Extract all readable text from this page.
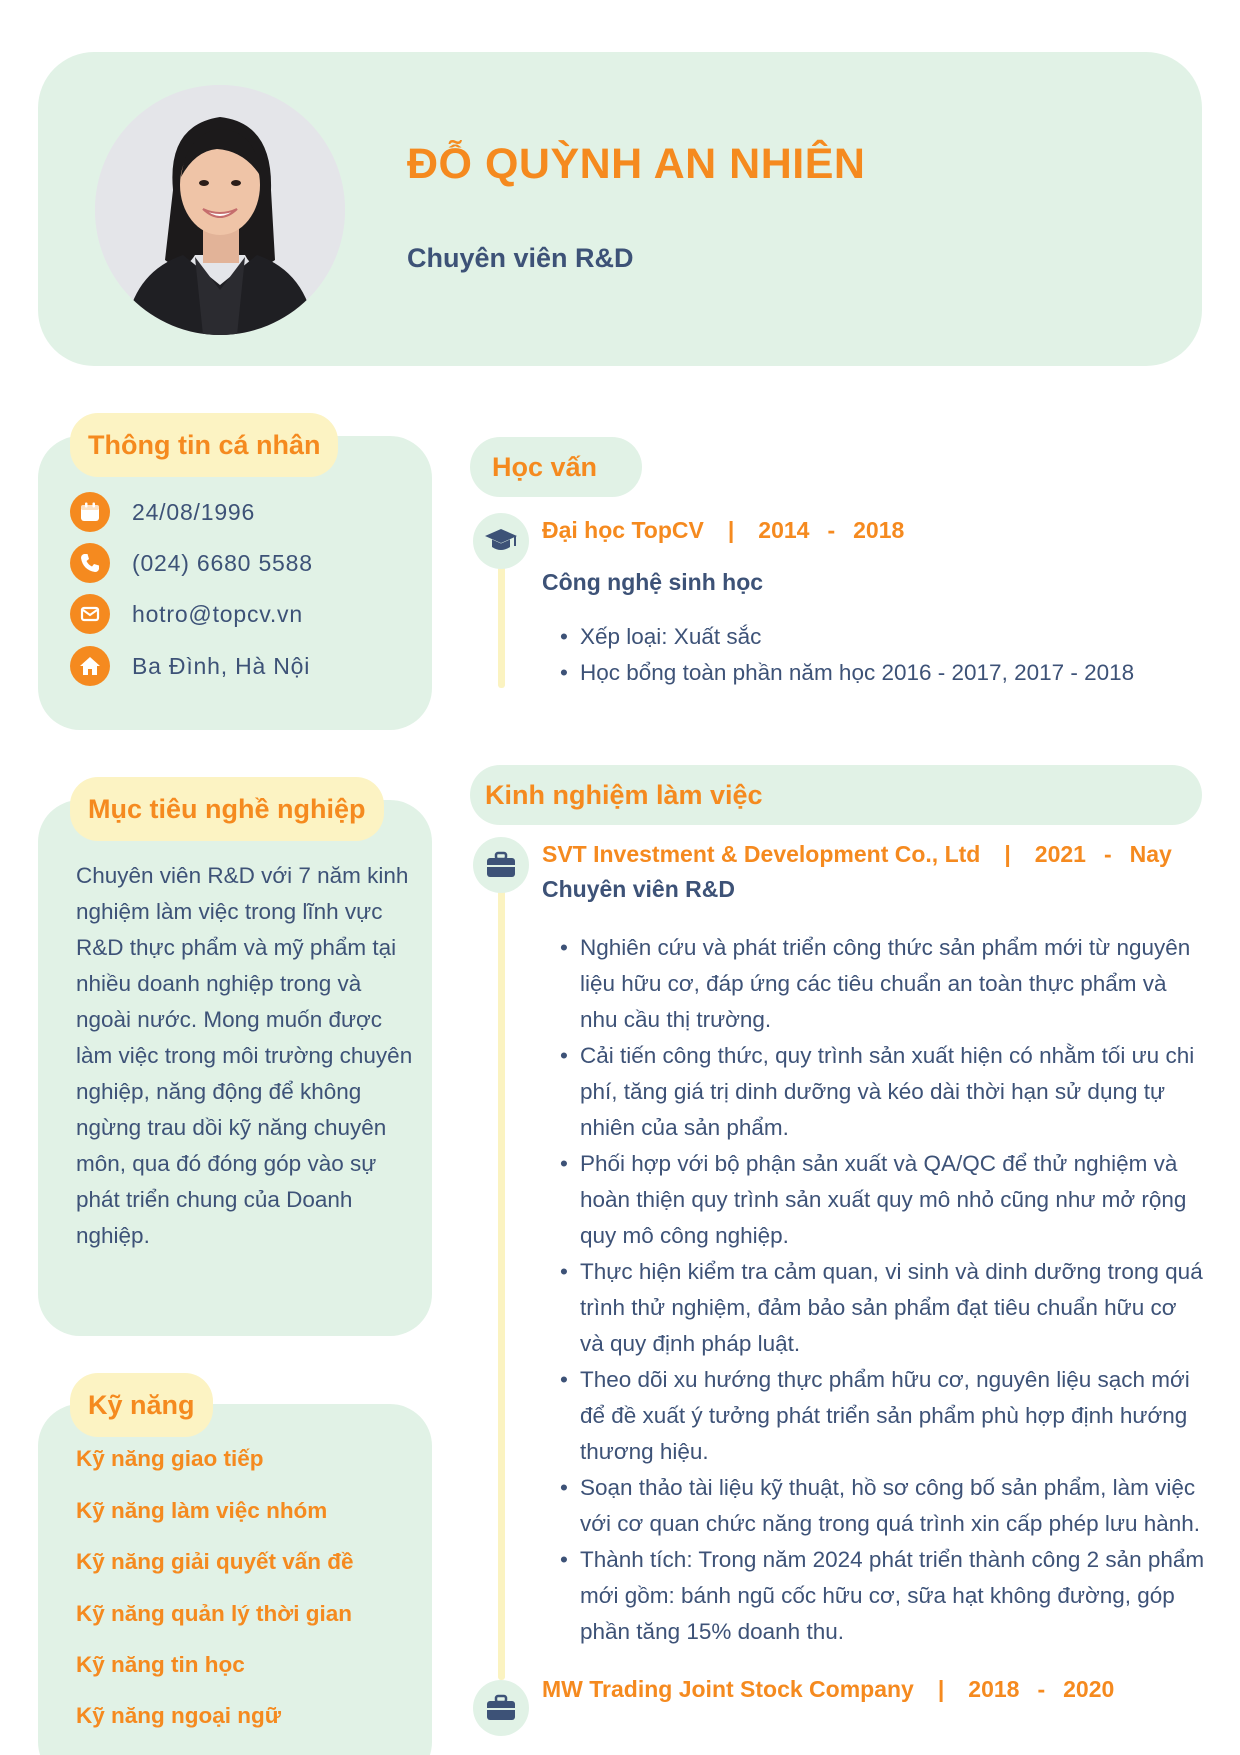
ĐỖ QUỲNH AN NHIÊN
Chuyên viên R&D
Thông tin cá nhân
24/08/1996
(024) 6680 5588
hotro@topcv.vn
Ba Đình, Hà Nội
Mục tiêu nghề nghiệp
Chuyên viên R&D với 7 năm kinh nghiệm làm việc trong lĩnh vực R&D thực phẩm và mỹ phẩm tại nhiều doanh nghiệp trong và ngoài nước. Mong muốn được làm việc trong môi trường chuyên nghiệp, năng động để không ngừng trau dồi kỹ năng chuyên môn, qua đó đóng góp vào sự phát triển chung của Doanh nghiệp.
Kỹ năng
Kỹ năng giao tiếp
Kỹ năng làm việc nhóm
Kỹ năng giải quyết vấn đề
Kỹ năng quản lý thời gian
Kỹ năng tin học
Kỹ năng ngoại ngữ
Học vấn
Đại học TopCV | 2014 - 2018
Công nghệ sinh học
• Xếp loại: Xuất sắc
• Học bổng toàn phần năm học 2016 - 2017, 2017 - 2018
Kinh nghiệm làm việc
SVT Investment & Development Co., Ltd | 2021 - Nay
Chuyên viên R&D
• Nghiên cứu và phát triển công thức sản phẩm mới từ nguyên liệu hữu cơ, đáp ứng các tiêu chuẩn an toàn thực phẩm và nhu cầu thị trường.
• Cải tiến công thức, quy trình sản xuất hiện có nhằm tối ưu chi phí, tăng giá trị dinh dưỡng và kéo dài thời hạn sử dụng tự nhiên của sản phẩm.
• Phối hợp với bộ phận sản xuất và QA/QC để thử nghiệm và hoàn thiện quy trình sản xuất quy mô nhỏ cũng như mở rộng quy mô công nghiệp.
• Thực hiện kiểm tra cảm quan, vi sinh và dinh dưỡng trong quá trình thử nghiệm, đảm bảo sản phẩm đạt tiêu chuẩn hữu cơ và quy định pháp luật.
• Theo dõi xu hướng thực phẩm hữu cơ, nguyên liệu sạch mới để đề xuất ý tưởng phát triển sản phẩm phù hợp định hướng thương hiệu.
• Soạn thảo tài liệu kỹ thuật, hồ sơ công bố sản phẩm, làm việc với cơ quan chức năng trong quá trình xin cấp phép lưu hành.
• Thành tích: Trong năm 2024 phát triển thành công 2 sản phẩm mới gồm: bánh ngũ cốc hữu cơ, sữa hạt không đường, góp phần tăng 15% doanh thu.
MW Trading Joint Stock Company | 2018 - 2020
